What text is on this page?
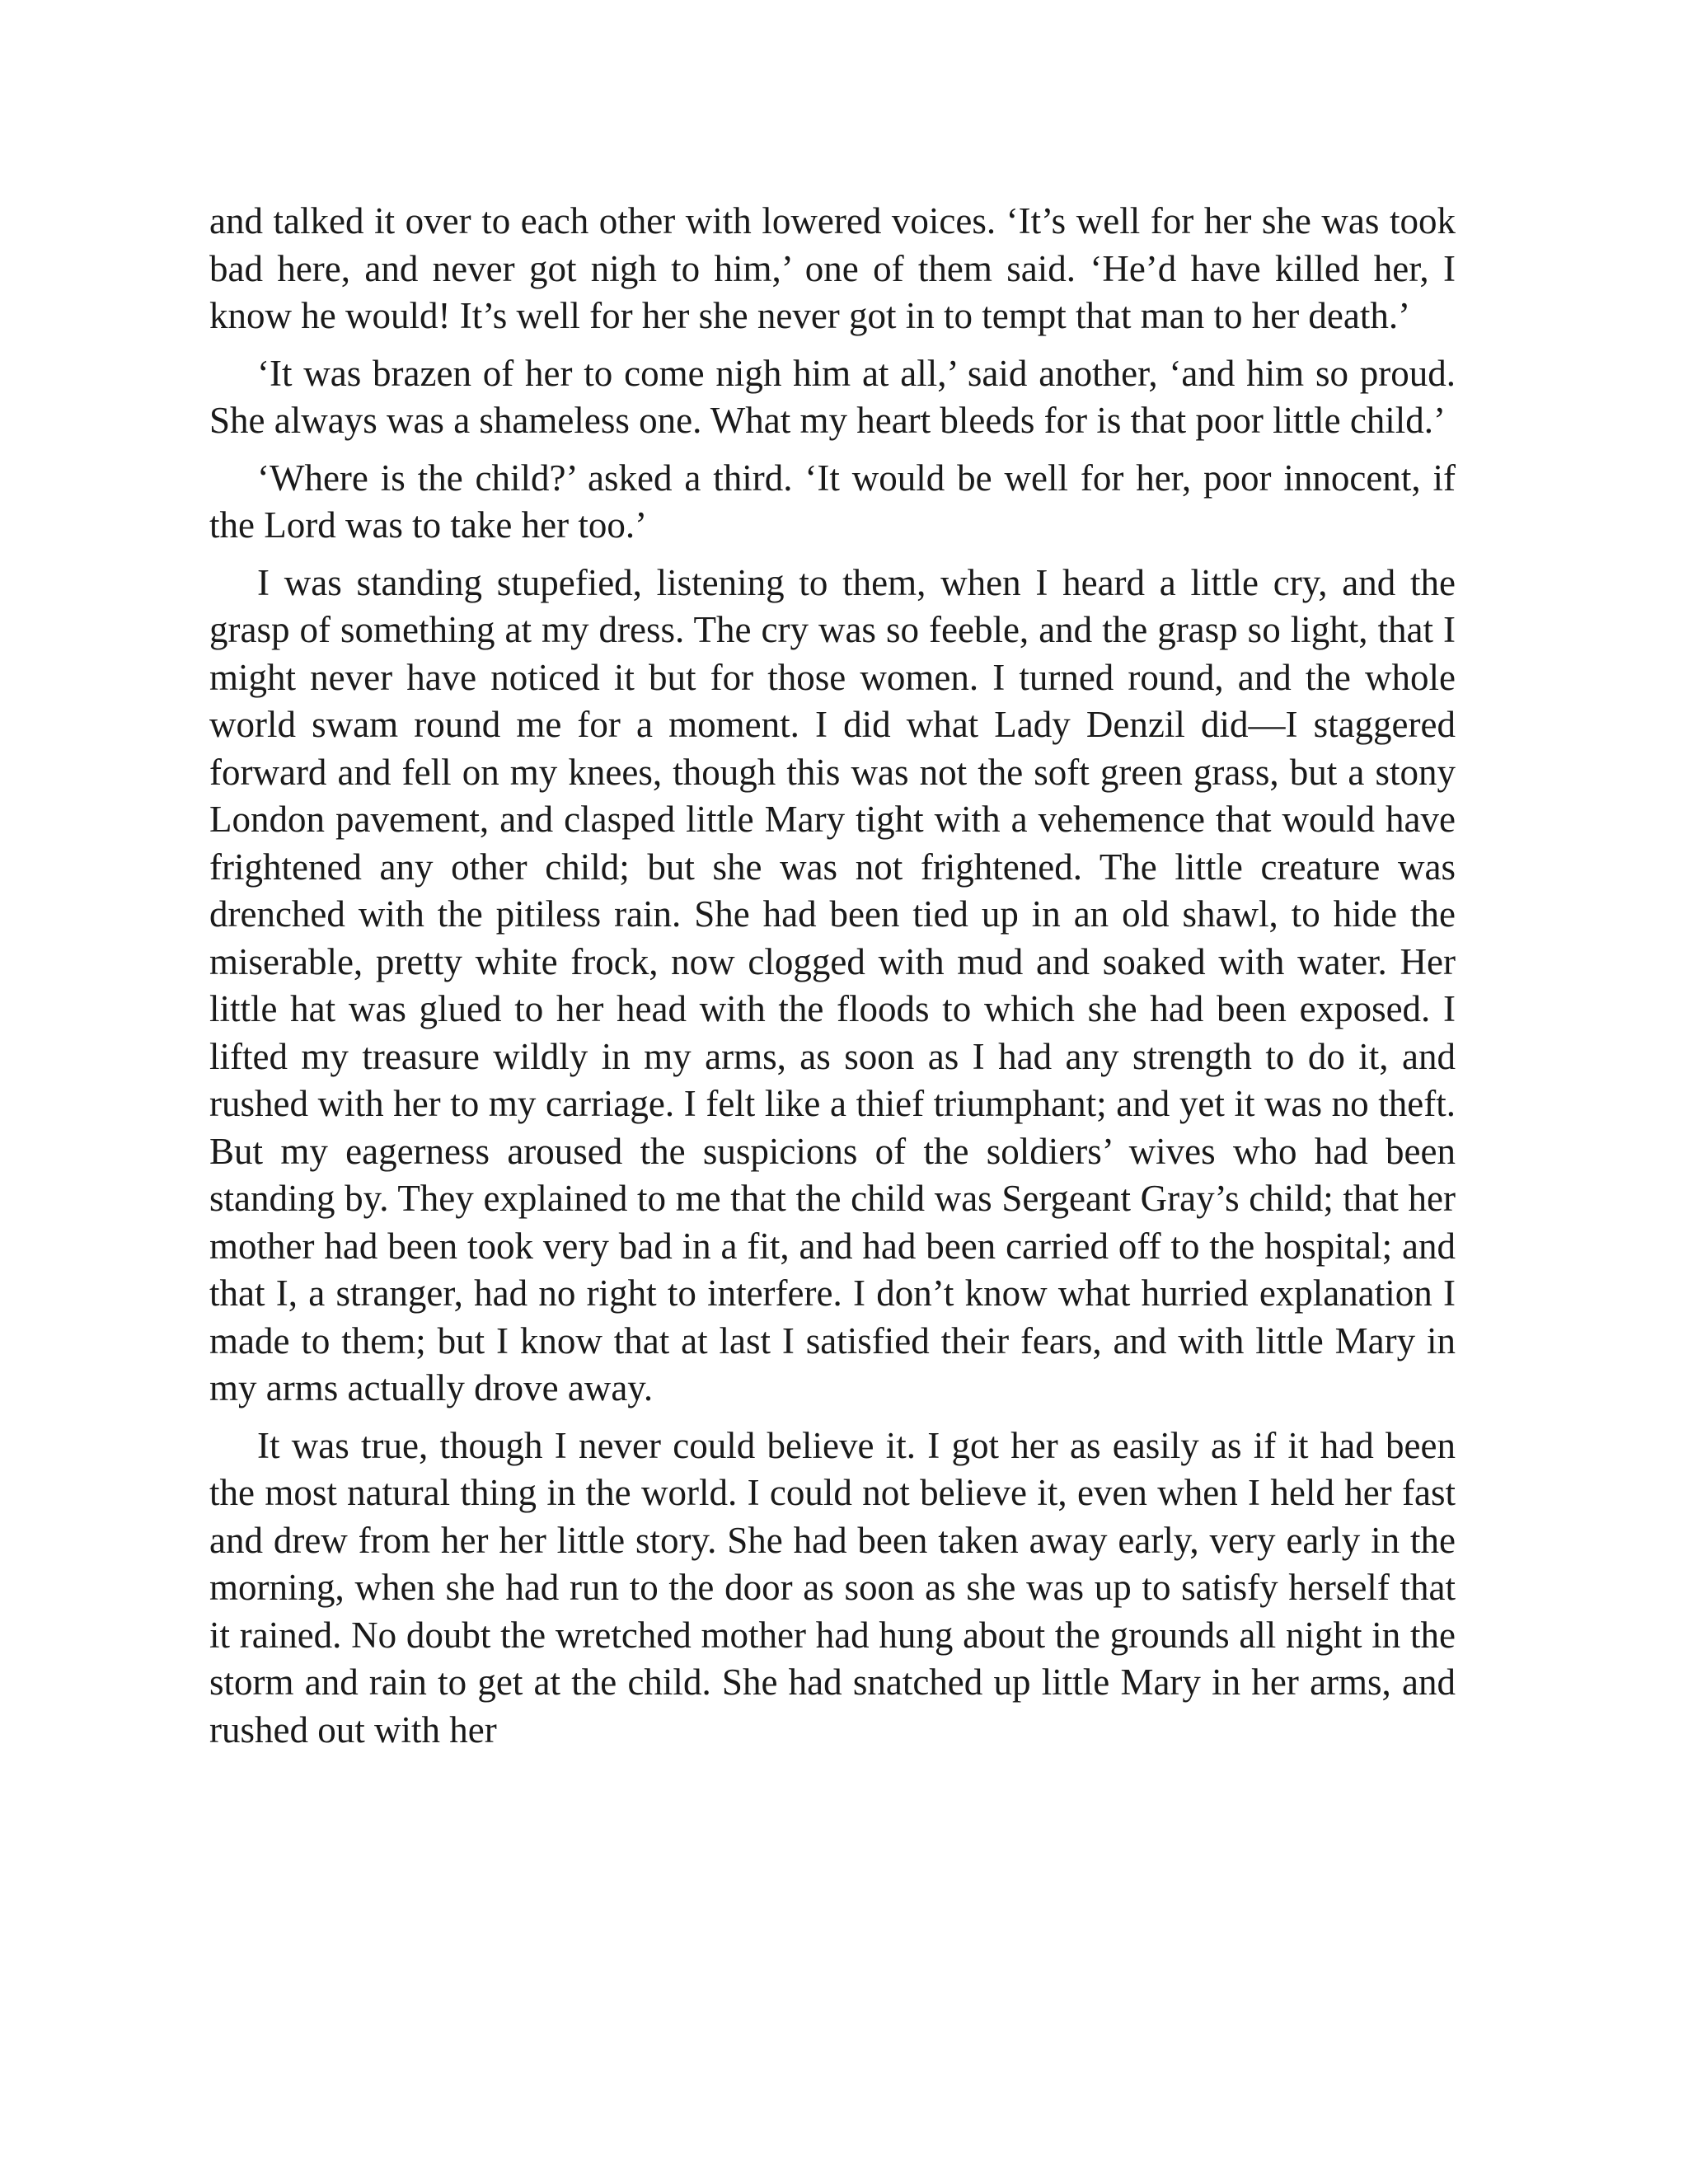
and talked it over to each other with lowered voices. ‘It’s well for her she was took bad here, and never got nigh to him,’ one of them said. ‘He’d have killed her, I know he would! It’s well for her she never got in to tempt that man to her death.’

‘It was brazen of her to come nigh him at all,’ said another, ‘and him so proud. She always was a shameless one. What my heart bleeds for is that poor little child.’

‘Where is the child?’ asked a third. ‘It would be well for her, poor innocent, if the Lord was to take her too.’

I was standing stupefied, listening to them, when I heard a little cry, and the grasp of something at my dress. The cry was so feeble, and the grasp so light, that I might never have noticed it but for those women. I turned round, and the whole world swam round me for a moment. I did what Lady Denzil did—I staggered forward and fell on my knees, though this was not the soft green grass, but a stony London pavement, and clasped little Mary tight with a vehemence that would have frightened any other child; but she was not frightened. The little creature was drenched with the pitiless rain. She had been tied up in an old shawl, to hide the miserable, pretty white frock, now clogged with mud and soaked with water. Her little hat was glued to her head with the floods to which she had been exposed. I lifted my treasure wildly in my arms, as soon as I had any strength to do it, and rushed with her to my carriage. I felt like a thief triumphant; and yet it was no theft. But my eagerness aroused the suspicions of the soldiers’ wives who had been standing by. They explained to me that the child was Sergeant Gray’s child; that her mother had been took very bad in a fit, and had been carried off to the hospital; and that I, a stranger, had no right to interfere. I don’t know what hurried explanation I made to them; but I know that at last I satisfied their fears, and with little Mary in my arms actually drove away.

It was true, though I never could believe it. I got her as easily as if it had been the most natural thing in the world. I could not believe it, even when I held her fast and drew from her her little story. She had been taken away early, very early in the morning, when she had run to the door as soon as she was up to satisfy herself that it rained. No doubt the wretched mother had hung about the grounds all night in the storm and rain to get at the child. She had snatched up little Mary in her arms, and rushed out with her
